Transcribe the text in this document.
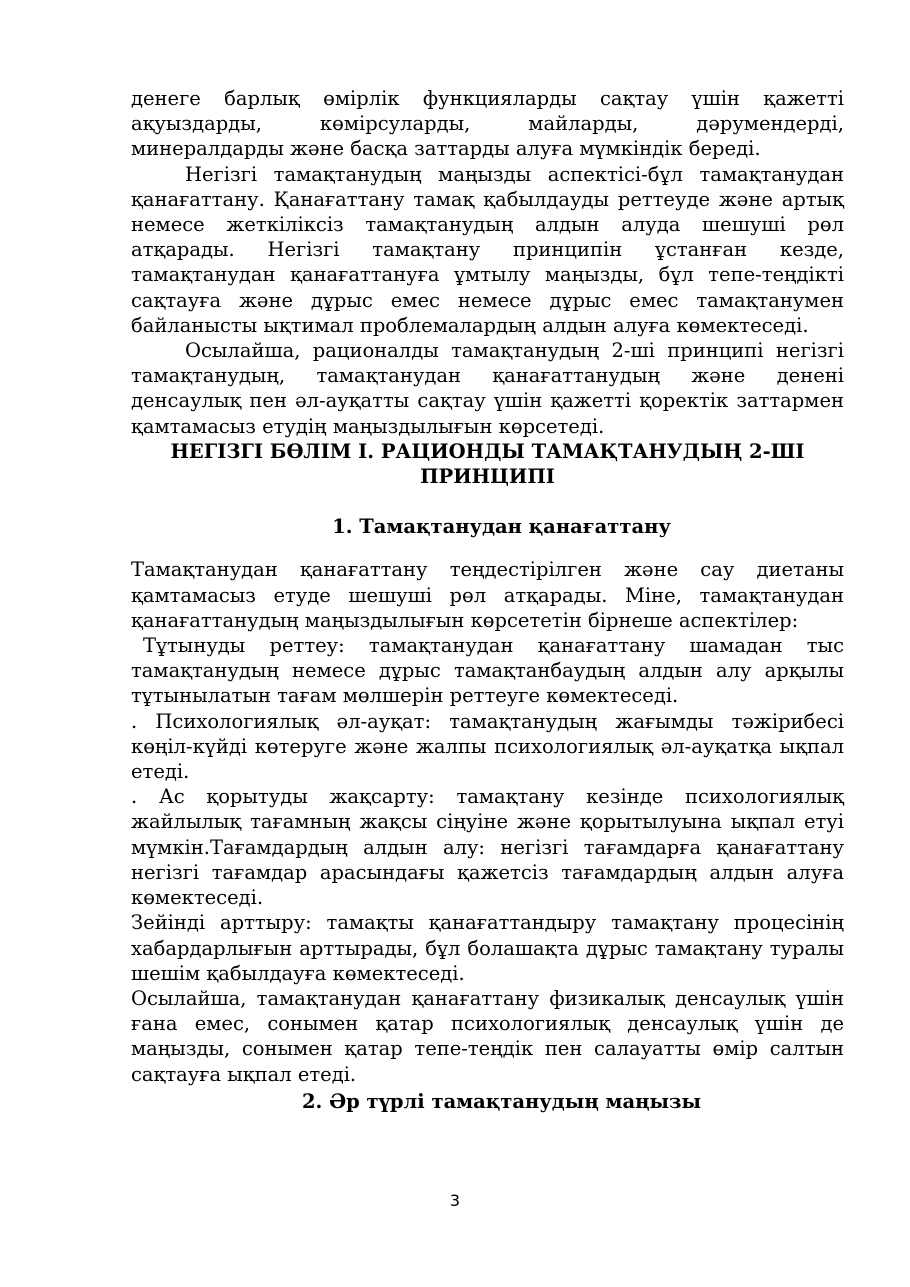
денеге барлық өмірлік функцияларды сақтау үшін қажетті ақуыздарды, көмірсуларды, майларды, дәрумендерді, минералдарды және басқа заттарды алуға мүмкіндік береді.

Негізгі тамақтанудың маңызды аспектісі-бұл тамақтанудан қанағаттану. Қанағаттану тамақ қабылдауды реттеуде және артық немесе жеткіліксіз тамақтанудың алдын алуда шешуші рөл атқарады. Негізгі тамақтану принципін ұстанған кезде, тамақтанудан қанағаттануға ұмтылу маңызды, бұл тепе-теңдікті сақтауға және дұрыс емес немесе дұрыс емес тамақтанумен байланысты ықтимал проблемалардың алдын алуға көмектеседі.

Осылайша, рационалды тамақтанудың 2-ші принципі негізгі тамақтанудың, тамақтанудан қанағаттанудың және денені денсаулық пен әл-ауқатты сақтау үшін қажетті қоректік заттармен қамтамасыз етудің маңыздылығын көрсетеді.

НЕГІЗГІ БӨЛІМ І. РАЦИОНДЫ ТАМАҚТАНУДЫҢ 2-ШІ ПРИНЦИПІ
1. Тамақтанудан қанағаттану

Тамақтанудан қанағаттану теңдестірілген және сау диетаны қамтамасыз етуде шешуші рөл атқарады. Міне, тамақтанудан қанағаттанудың маңыздылығын көрсететін бірнеше аспектілер:

Тұтынуды реттеу: тамақтанудан қанағаттану шамадан тыс тамақтанудың немесе дұрыс тамақтанбаудың алдын алу арқылы тұтынылатын тағам мөлшерін реттеуге көмектеседі.

. Психологиялық әл-ауқат: тамақтанудың жағымды тәжірибесі көңіл-күйді көтеруге және жалпы психологиялық әл-ауқатқа ықпал етеді.

. Ас қорытуды жақсарту: тамақтану кезінде психологиялық жайлылық тағамның жақсы сіңуіне және қорытылуына ықпал етуі мүмкін.Тағамдардың алдын алу: негізгі тағамдарға қанағаттану негізгі тағамдар арасындағы қажетсіз тағамдардың алдын алуға көмектеседі.

Зейінді арттыру: тамақты қанағаттандыру тамақтану процесінің хабардарлығын арттырады, бұл болашақта дұрыс тамақтану туралы шешім қабылдауға көмектеседі.

Осылайша, тамақтанудан қанағаттану физикалық денсаулық үшін ғана емес, сонымен қатар психологиялық денсаулық үшін де маңызды, сонымен қатар тепе-теңдік пен салауатты өмір салтын сақтауға ықпал етеді.

2. Әр түрлі тамақтанудың маңызы
3
